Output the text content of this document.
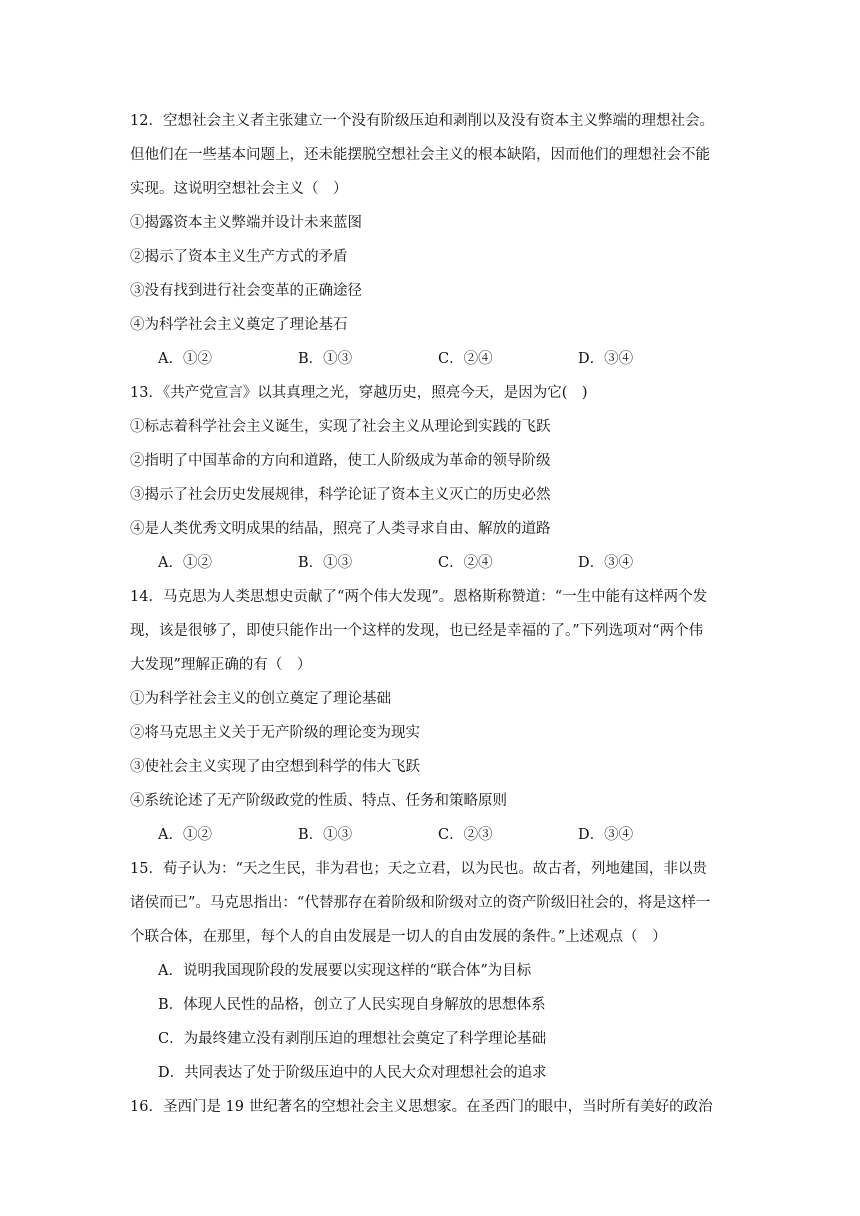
12．空想社会主义者主张建立一个没有阶级压迫和剥削以及没有资本主义弊端的理想社会。
但他们在一些基本问题上，还未能摆脱空想社会主义的根本缺陷，因而他们的理想社会不能
实现。这说明空想社会主义（　）
①揭露资本主义弊端并设计未来蓝图
②揭示了资本主义生产方式的矛盾
③没有找到进行社会变革的正确途径
④为科学社会主义奠定了理论基石
A．①②	B．①③	C．②④	D．③④
13．《共产党宣言》以其真理之光，穿越历史，照亮今天，是因为它(　)
①标志着科学社会主义诞生，实现了社会主义从理论到实践的飞跃
②指明了中国革命的方向和道路，使工人阶级成为革命的领导阶级
③揭示了社会历史发展规律，科学论证了资本主义灭亡的历史必然
④是人类优秀文明成果的结晶，照亮了人类寻求自由、解放的道路
A．①②	B．①③	C．②④	D．③④
14．马克思为人类思想史贡献了“两个伟大发现”。恩格斯称赞道：“一生中能有这样两个发
现，该是很够了，即使只能作出一个这样的发现，也已经是幸福的了。”下列选项对“两个伟
大发现”理解正确的有（　）
①为科学社会主义的创立奠定了理论基础
②将马克思主义关于无产阶级的理论变为现实
③使社会主义实现了由空想到科学的伟大飞跃
④系统论述了无产阶级政党的性质、特点、任务和策略原则
A．①②	B．①③	C．②③	D．③④
15．荀子认为：“天之生民，非为君也；天之立君，以为民也。故古者，列地建国，非以贵
诸侯而已”。马克思指出：“代替那存在着阶级和阶级对立的资产阶级旧社会的，将是这样一
个联合体，在那里，每个人的自由发展是一切人的自由发展的条件。”上述观点（　）
A．说明我国现阶段的发展要以实现这样的“联合体”为目标
B．体现人民性的品格，创立了人民实现自身解放的思想体系
C．为最终建立没有剥削压迫的理想社会奠定了科学理论基础
D．共同表达了处于阶级压迫中的人民大众对理想社会的追求
16．圣西门是 19 世纪著名的空想社会主义思想家。在圣西门的眼中，当时所有美好的政治
